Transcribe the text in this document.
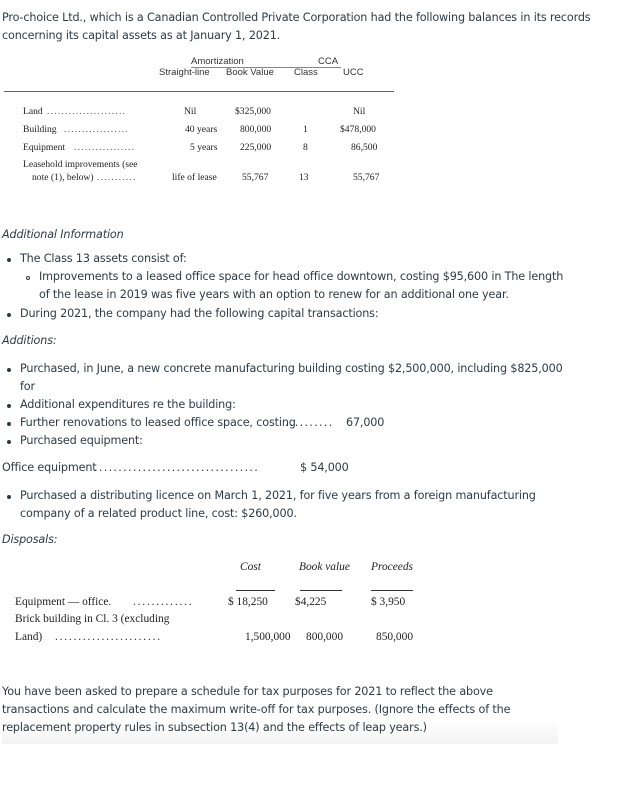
Pro-choice Ltd., which is a Canadian Controlled Private Corporation had the following balances in its records concerning its capital assets as at January 1, 2021.
Amortization	CCA
Straight-line Book Value Class	UCC
Land ......................	Nil	$325,000	Nil
Building ..................	40 years 800,000	1	$478,000
Equipment .................	5 years 225,000	8	86,500
Leasehold improvements (see
note (1), below) ...........	life of lease	55,767	13	55,767
Additional Information
The Class 13 assets consist of:
Improvements to a leased office space for head office downtown, costing $95,600 in The length
of the lease in 2019 was five years with an option to renew for an additional one year.
During 2021, the company had the following capital transactions:
Additions:
Purchased, in June, a new concrete manufacturing building costing $2,500,000, including $825,000
for
Additional expenditures re the building:
Further renovations to leased office space, costing
.......... 67,000
Purchased equipment:
Office equipment
..................................	$ 54,000
Purchased a distributing licence on March 1, 2021, for five years from a foreign manufacturing
company of a related product line, cost: $260,000.
Disposals:
Cost	Book value Proceeds
Equipment — office. .............	$ 18,250 $4,225	$ 3,950
Brick building in Cl. 3 (excluding
Land) .......................	1,500,000 800,000	850,000
You have been asked to prepare a schedule for tax purposes for 2021 to reflect the above transactions and calculate the maximum write-off for tax purposes. (Ignore the effects of the replacement property rules in subsection 13(4) and the effects of leap years.)
